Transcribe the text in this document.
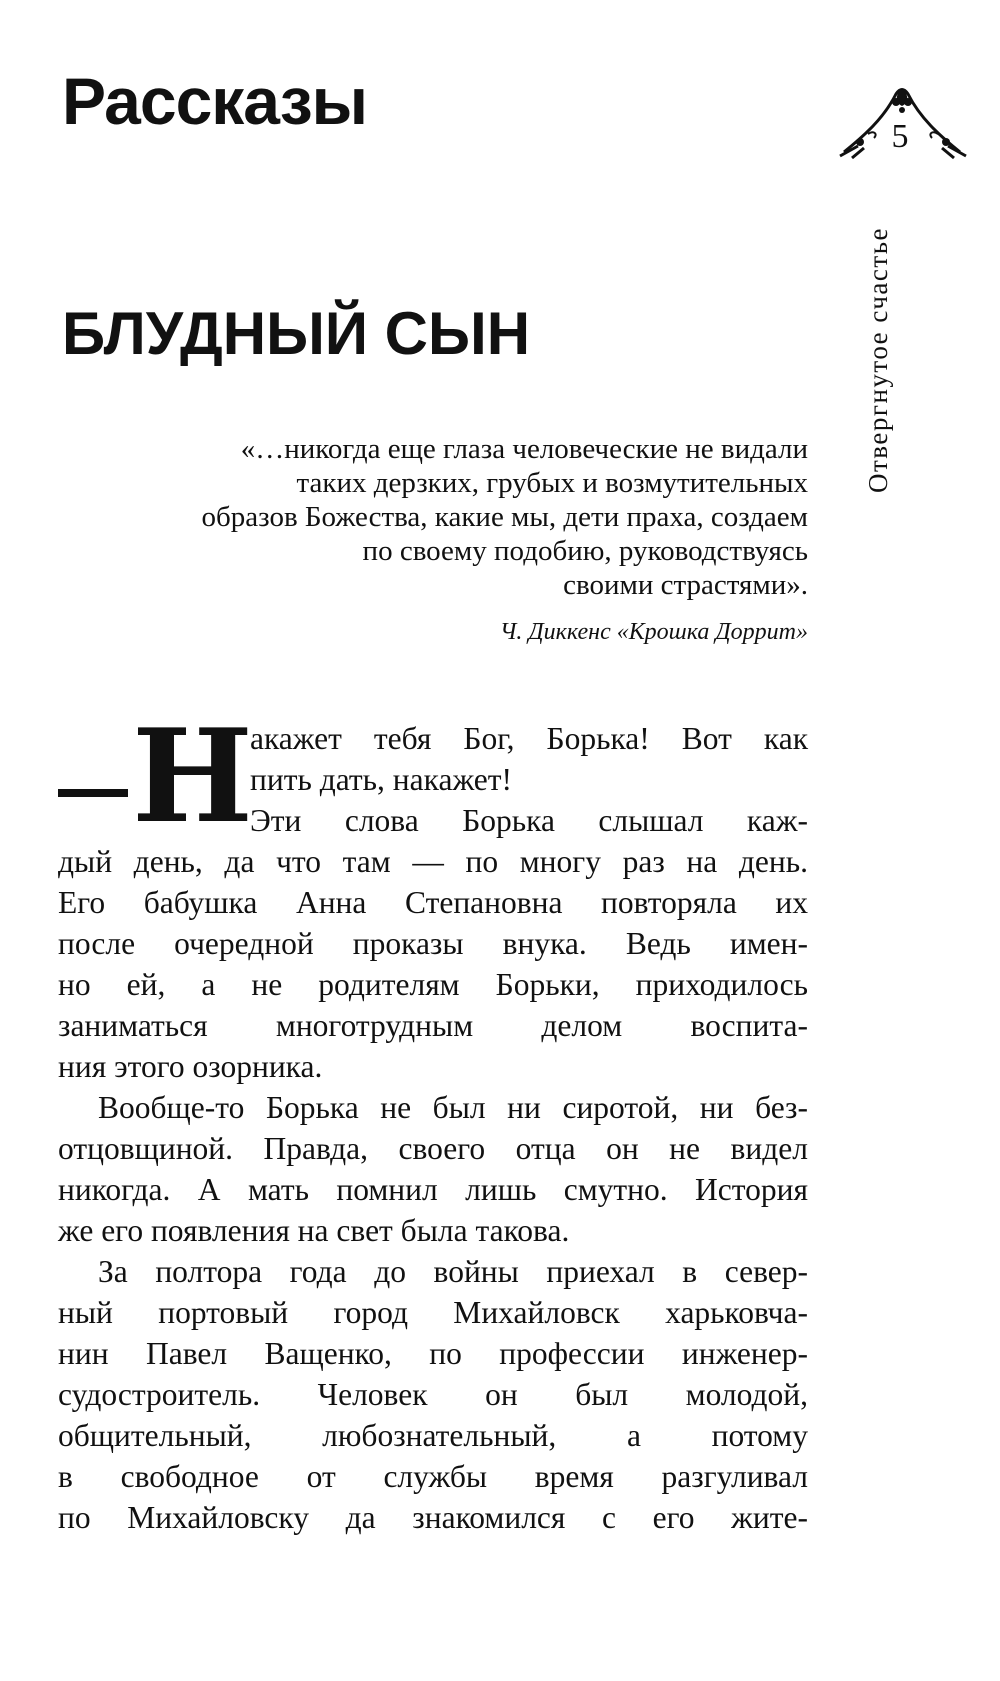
Рассказы	5
Отвергнутое счастье
БЛУДНЫЙ СЫН
«…никогда еще глаза человеческие не видали
таких дерзких, грубых и возмутительных
образов Божества, какие мы, дети праха, создаем
по своему подобию, руководствуясь
своими страстями».
Ч. Диккенс «Крошка Доррит»
Н
акажет тебя Бог, Борька! Вот как
пить дать, накажет!
Эти слова Борька слышал каж-
дый день, да что там — по многу раз на день.
Его бабушка Анна Степановна повторяла их
после очередной проказы внука. Ведь имен-
но ей, а не родителям Борьки, приходилось
заниматься многотрудным делом воспита-
ния этого озорника.
Вообще-то Борька не был ни сиротой, ни без-
отцовщиной. Правда, своего отца он не видел
никогда. А мать помнил лишь смутно. История
же его появления на свет была такова.
За полтора года до войны приехал в север-
ный портовый город Михайловск харьковча-
нин Павел Ващенко, по профессии инженер-
судостроитель. Человек он был молодой,
общительный, любознательный, а потому
в свободное от службы время разгуливал
по Михайловску да знакомился с его жите-
